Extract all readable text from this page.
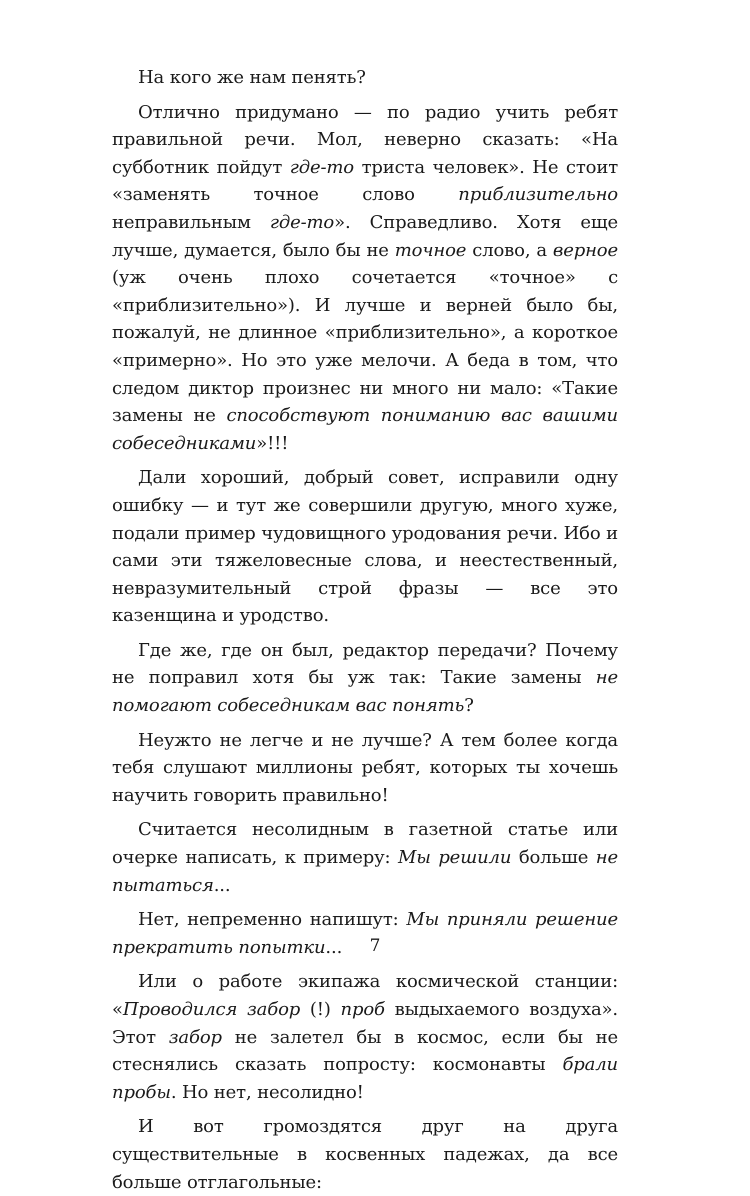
На кого же нам пенять?

Отлично придумано — по радио учить ребят правильной речи. Мол, неверно сказать: «На субботник пойдут где-то триста человек». Не стоит «заменять точное слово приблизительно неправильным где-то». Справедливо. Хотя еще лучше, думается, было бы не точное слово, а верное (уж очень плохо сочетается «точное» с «приблизительно»). И лучше и верней было бы, пожалуй, не длинное «приблизительно», а короткое «примерно». Но это уже мелочи. А беда в том, что следом диктор произнес ни много ни мало: «Такие замены не способствуют пониманию вас вашими собеседниками»!!!

Дали хороший, добрый совет, исправили одну ошибку — и тут же совершили другую, много хуже, подали пример чудовищного уродования речи. Ибо и сами эти тяжеловесные слова, и неестественный, невразумительный строй фразы — все это казенщина и уродство.

Где же, где он был, редактор передачи? Почему не поправил хотя бы уж так: Такие замены не помогают собеседникам вас понять?

Неужто не легче и не лучше? А тем более когда тебя слушают миллионы ребят, которых ты хочешь научить говорить правильно!

Считается несолидным в газетной статье или очерке написать, к примеру: Мы решили больше не пытаться...

Нет, непременно напишут: Мы приняли решение прекратить попытки...

Или о работе экипажа космической станции: «Проводился забор (!) проб выдыхаемого воздуха». Этот забор не залетел бы в космос, если бы не стеснялись сказать попросту: космонавты брали пробы. Но нет, несолидно!

И вот громоздятся друг на друга существительные в косвенных падежах, да все больше отглагольные:

7
